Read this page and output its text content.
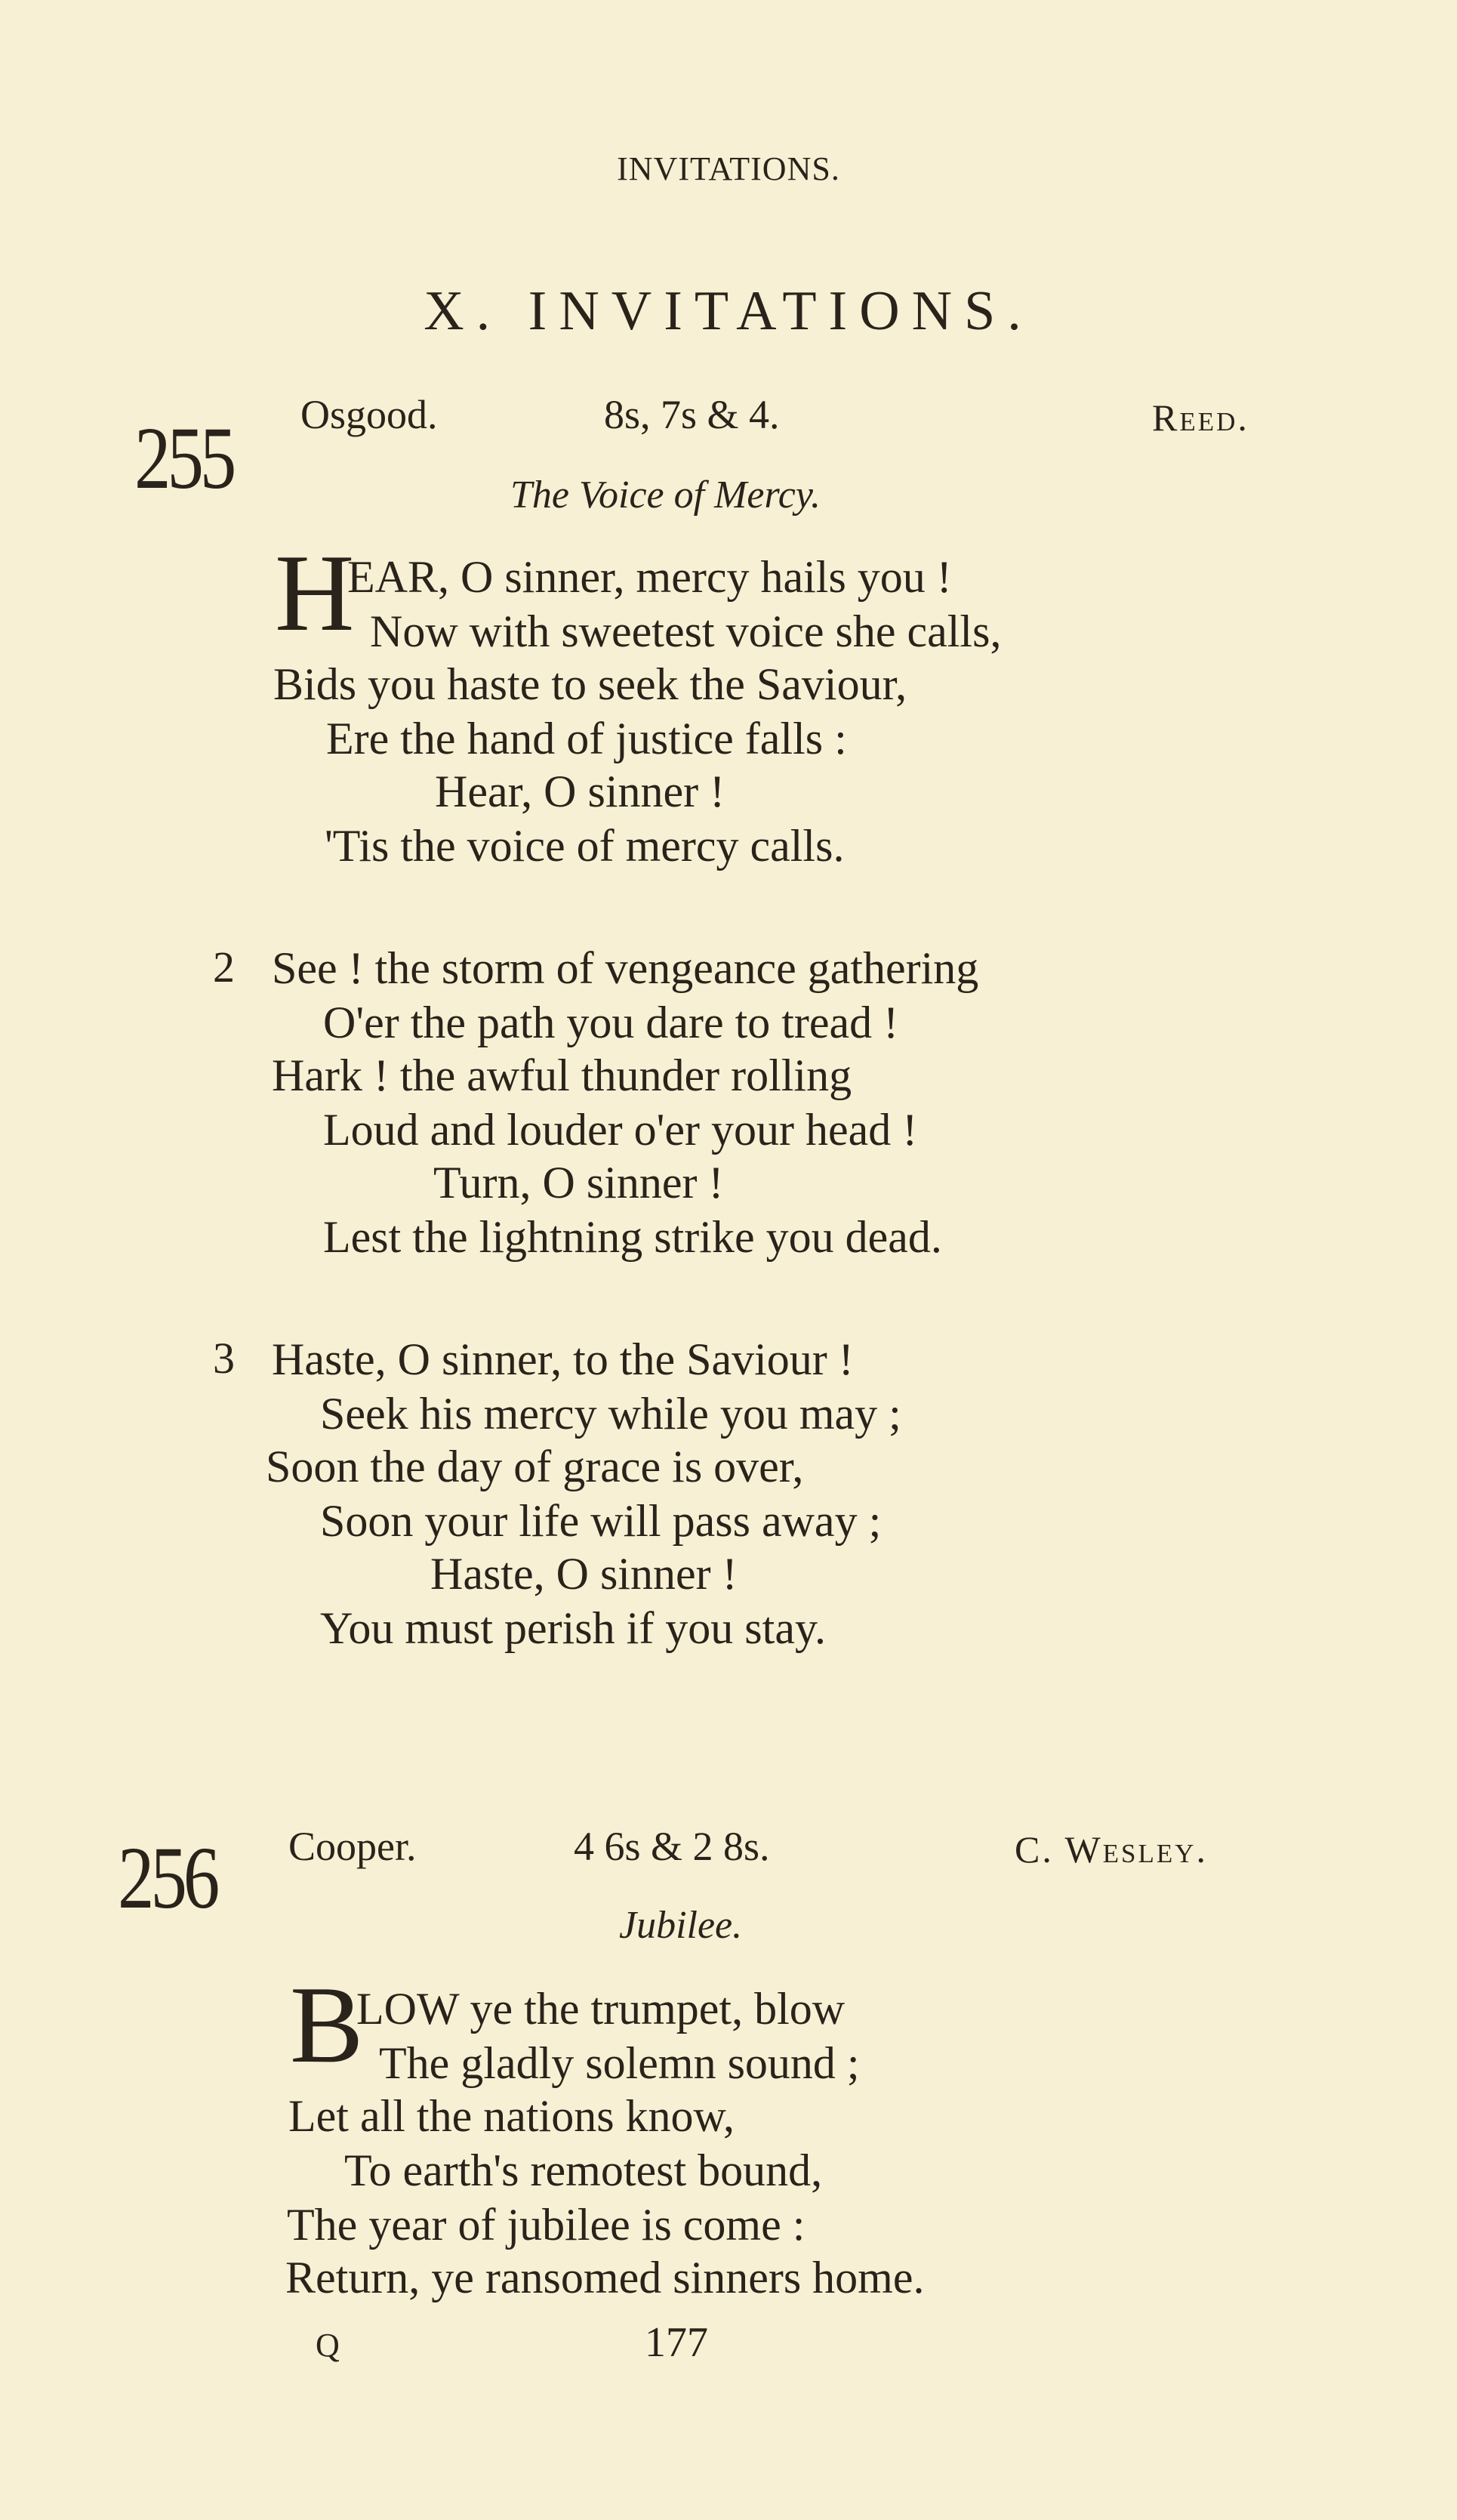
INVITATIONS.
X. INVITATIONS.
255 Osgood.	8s, 7s & 4.	Reed.
The Voice of Mercy.
H
EAR, O sinner, mercy hails you !
Now with sweetest voice she calls,
Bids you haste to seek the Saviour,
Ere the hand of justice falls :
Hear, O sinner !
'Tis the voice of mercy calls.
2 See ! the storm of vengeance gathering
O'er the path you dare to tread !
Hark ! the awful thunder rolling
Loud and louder o'er your head !
Turn, O sinner !
Lest the lightning strike you dead.
3 Haste, O sinner, to the Saviour !
Seek his mercy while you may ;
Soon the day of grace is over,
Soon your life will pass away ;
Haste, O sinner !
You must perish if you stay.
256 Cooper.	4 6s & 2 8s.	C. Wesley.
Jubilee.
B
LOW ye the trumpet, blow
The gladly solemn sound ;
Let all the nations know,
To earth's remotest bound,
The year of jubilee is come :
Return, ye ransomed sinners home.
Q	177
